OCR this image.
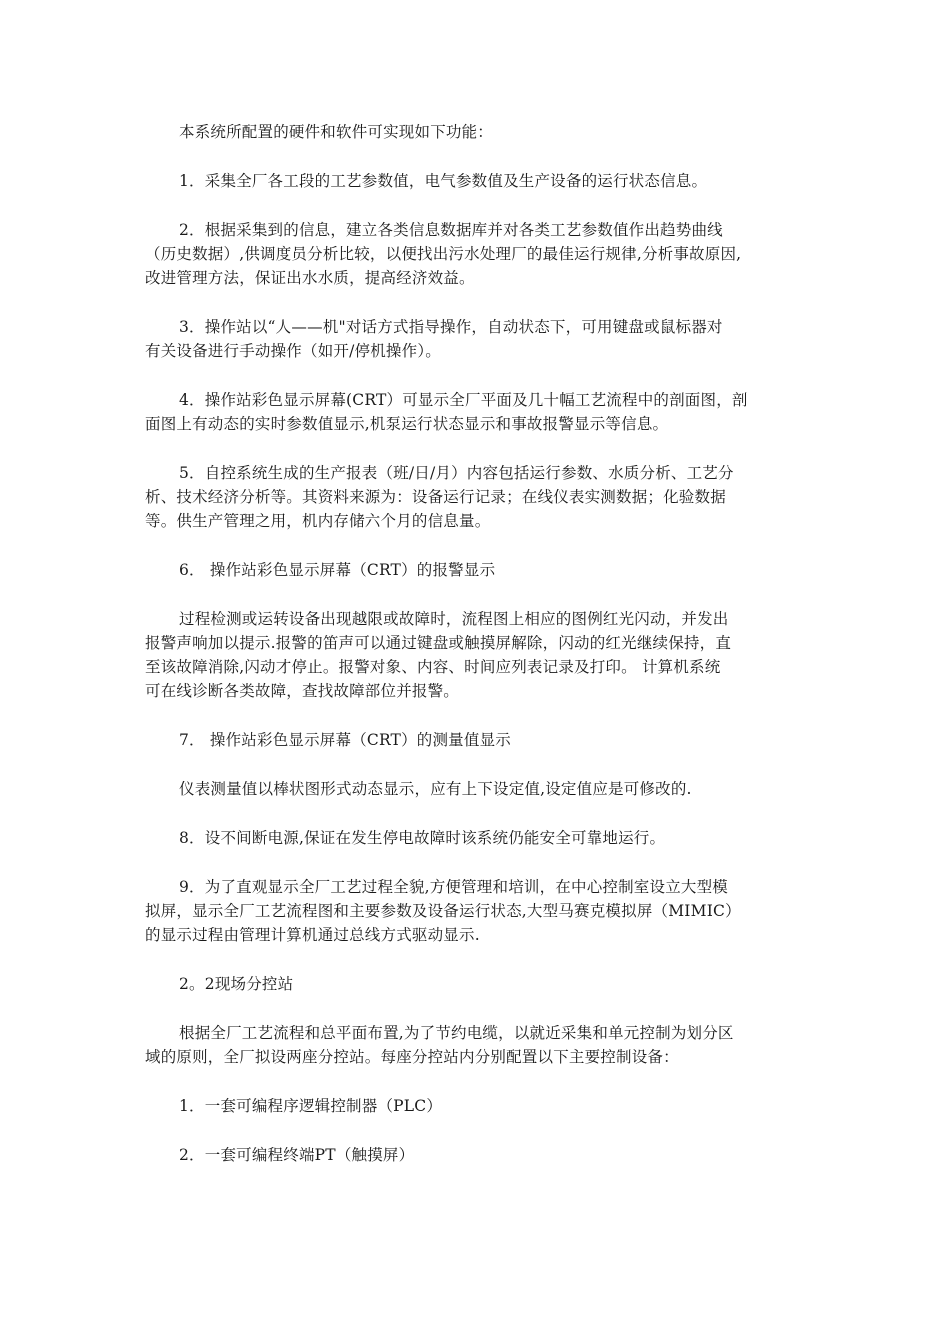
本系统所配置的硬件和软件可实现如下功能：

1．采集全厂各工段的工艺参数值，电气参数值及生产设备的运行状态信息。

2．根据采集到的信息，建立各类信息数据库并对各类工艺参数值作出趋势曲线
（历史数据）,供调度员分析比较，以便找出污水处理厂的最佳运行规律,分析事故原因,
改进管理方法，保证出水水质，提高经济效益。

3．操作站以“人——机"对话方式指导操作，自动状态下，可用键盘或鼠标器对
有关设备进行手动操作（如开/停机操作）。

4．操作站彩色显示屏幕(CRT）可显示全厂平面及几十幅工艺流程中的剖面图，剖
面图上有动态的实时参数值显示,机泵运行状态显示和事故报警显示等信息。

5．自控系统生成的生产报表（班/日/月）内容包括运行参数、水质分析、工艺分
析、技术经济分析等。其资料来源为：设备运行记录；在线仪表实测数据；化验数据
等。供生产管理之用，机内存储六个月的信息量。

6． 操作站彩色显示屏幕（CRT）的报警显示

过程检测或运转设备出现越限或故障时，流程图上相应的图例红光闪动，并发出
报警声响加以提示.报警的笛声可以通过键盘或触摸屏解除，闪动的红光继续保持，直
至该故障消除,闪动才停止。报警对象、内容、时间应列表记录及打印。 计算机系统
可在线诊断各类故障，查找故障部位并报警。

7． 操作站彩色显示屏幕（CRT）的测量值显示

仪表测量值以棒状图形式动态显示，应有上下设定值,设定值应是可修改的.

8．设不间断电源,保证在发生停电故障时该系统仍能安全可靠地运行。

9．为了直观显示全厂工艺过程全貌,方便管理和培训，在中心控制室设立大型模
拟屏，显示全厂工艺流程图和主要参数及设备运行状态,大型马赛克模拟屏（MIMIC）
的显示过程由管理计算机通过总线方式驱动显示.

2。2现场分控站

根据全厂工艺流程和总平面布置,为了节约电缆，以就近采集和单元控制为划分区
域的原则，全厂拟设两座分控站。每座分控站内分别配置以下主要控制设备：

1．一套可编程序逻辑控制器（PLC）

2．一套可编程终端PT（触摸屏）
